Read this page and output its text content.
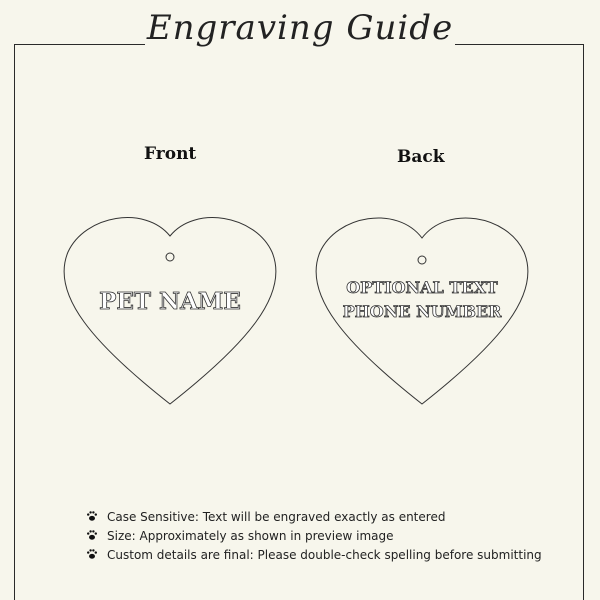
Engraving Guide
Front	Back
PET NAME
OPTIONAL TEXT
PHONE NUMBER
Case Sensitive: Text will be engraved exactly as entered
Size: Approximately as shown in preview image
Custom details are final: Please double-check spelling before submitting
